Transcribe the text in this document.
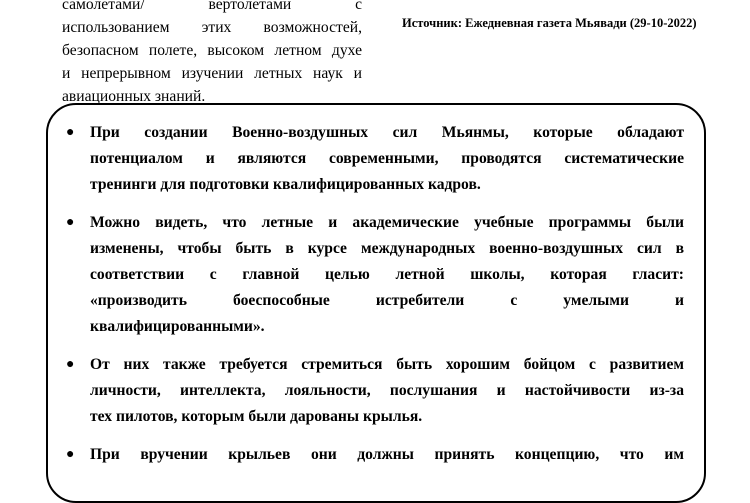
самолетами/ вертолетами с
использованием этих возможностей,
безопасном полете, высоком летном духе
и непрерывном изучении летных наук и
авиационных знаний.
Источник: Ежедневная газета Мьявади (29-10-2022)
● При создании Военно-воздушных сил Мьянмы, которые обладают
потенциалом и являются современными, проводятся систематические
тренинги для подготовки квалифицированных кадров.
● Можно видеть, что летные и академические учебные программы были
изменены, чтобы быть в курсе международных военно-воздушных сил в
соответствии с главной целью летной школы, которая гласит:
«производить боеспособные истребители с умелыми и
квалифицированными».
● От них также требуется стремиться быть хорошим бойцом с развитием
личности, интеллекта, лояльности, послушания и настойчивости из-за
тех пилотов, которым были дарованы крылья.
● При вручении крыльев они должны принять концепцию, что им
